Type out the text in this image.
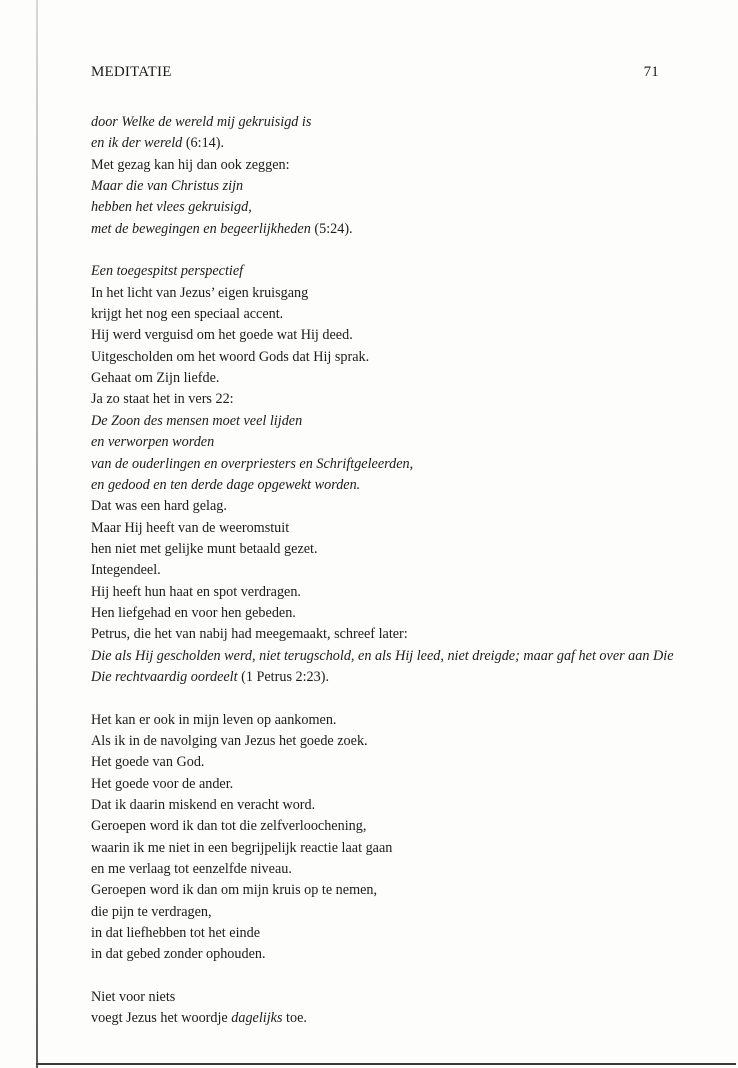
MEDITATIE	71
door Welke de wereld mij gekruisigd is
en ik der wereld (6:14).
Met gezag kan hij dan ook zeggen:
Maar die van Christus zijn
hebben het vlees gekruisigd,
met de bewegingen en begeerlijkheden (5:24).
Een toegespitst perspectief
In het licht van Jezus’ eigen kruisgang
krijgt het nog een speciaal accent.
Hij werd verguisd om het goede wat Hij deed.
Uitgescholden om het woord Gods dat Hij sprak.
Gehaat om Zijn liefde.
Ja zo staat het in vers 22:
De Zoon des mensen moet veel lijden
en verworpen worden
van de ouderlingen en overpriesters en Schriftgeleerden,
en gedood en ten derde dage opgewekt worden.
Dat was een hard gelag.
Maar Hij heeft van de weeromstuit
hen niet met gelijke munt betaald gezet.
Integendeel.
Hij heeft hun haat en spot verdragen.
Hen liefgehad en voor hen gebeden.
Petrus, die het van nabij had meegemaakt, schreef later:
Die als Hij gescholden werd, niet terugschold, en als Hij leed, niet dreigde; maar gaf het over aan Die Die rechtvaardig oordeelt (1 Petrus 2:23).
Het kan er ook in mijn leven op aankomen.
Als ik in de navolging van Jezus het goede zoek.
Het goede van God.
Het goede voor de ander.
Dat ik daarin miskend en veracht word.
Geroepen word ik dan tot die zelfverloochening,
waarin ik me niet in een begrijpelijk reactie laat gaan
en me verlaag tot eenzelfde niveau.
Geroepen word ik dan om mijn kruis op te nemen,
die pijn te verdragen,
in dat liefhebben tot het einde
in dat gebed zonder ophouden.
Niet voor niets
voegt Jezus het woordje dagelijks toe.
